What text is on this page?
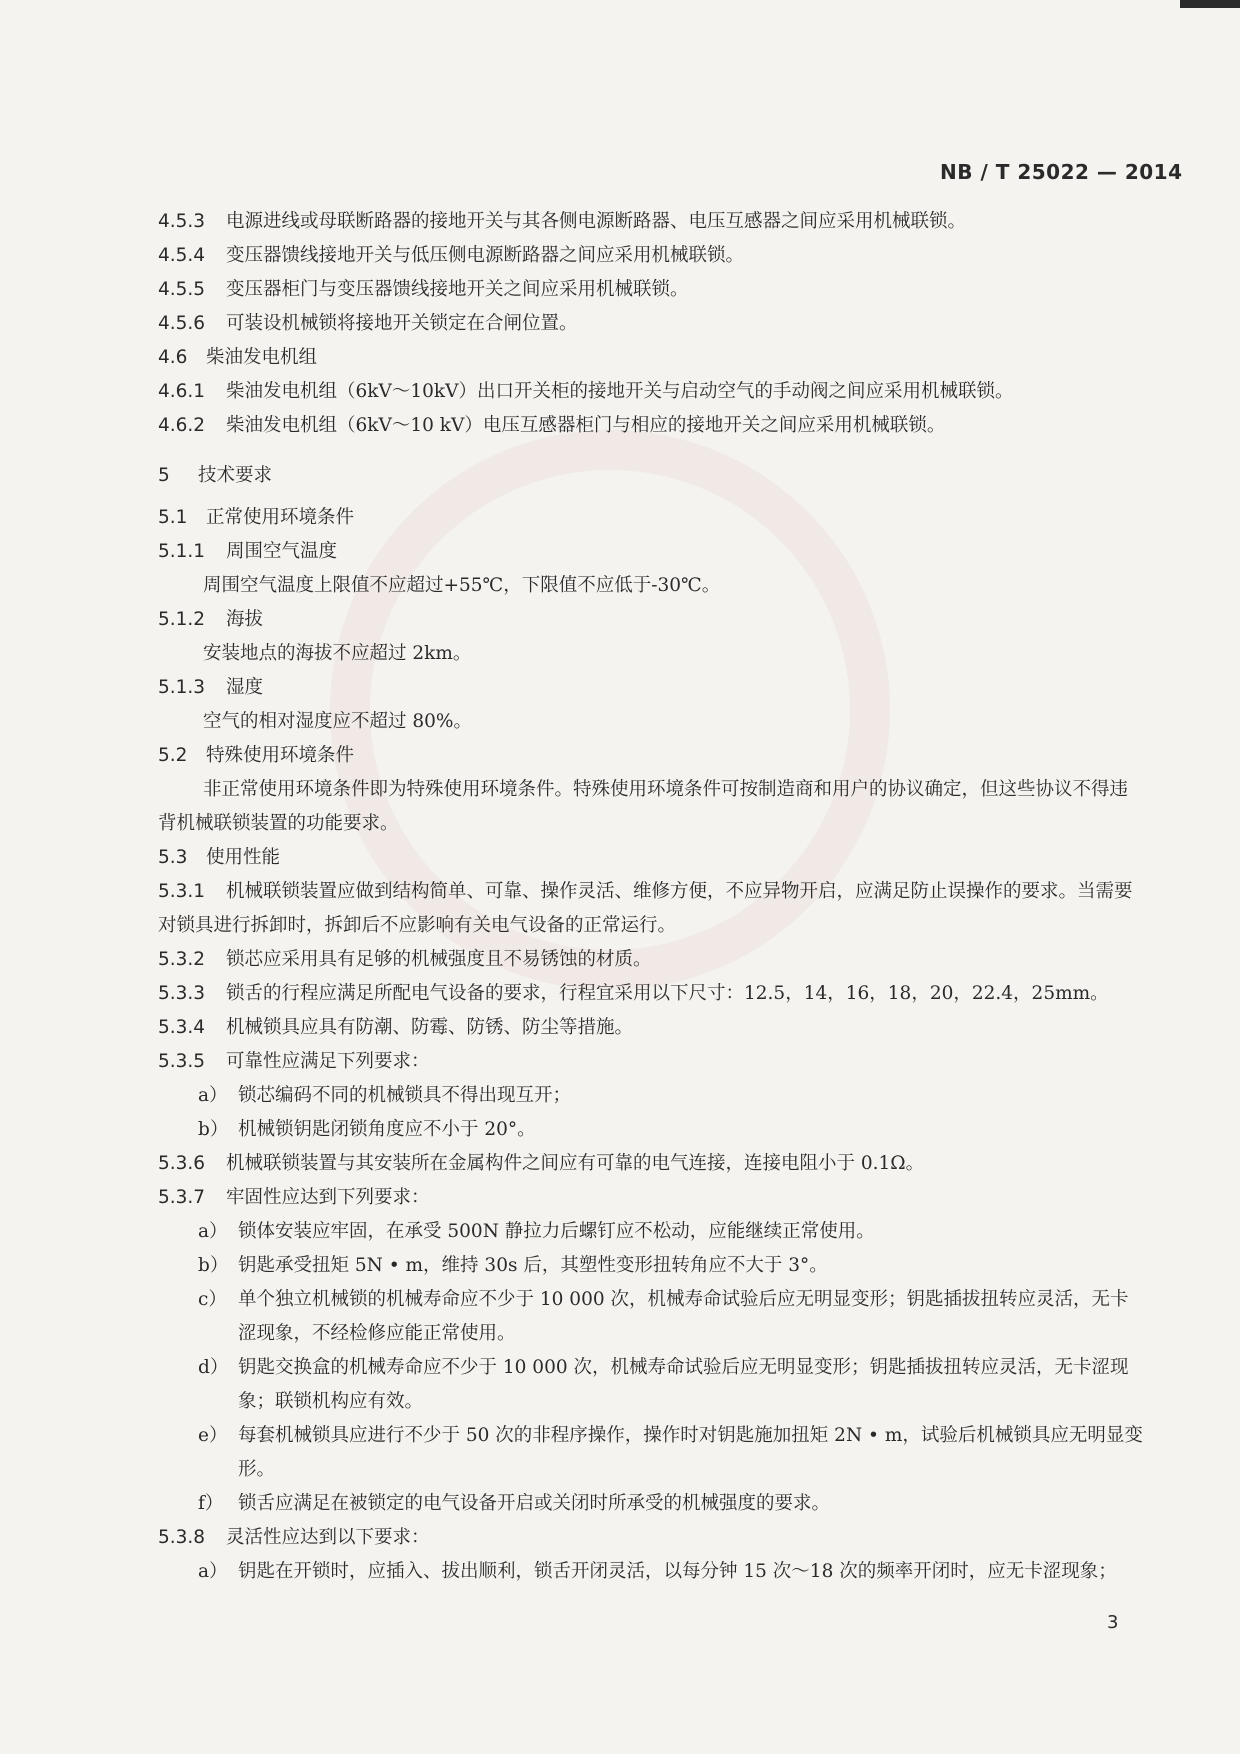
NB / T 25022 — 2014
4.5.3 电源进线或母联断路器的接地开关与其各侧电源断路器、电压互感器之间应采用机械联锁。
4.5.4 变压器馈线接地开关与低压侧电源断路器之间应采用机械联锁。
4.5.5 变压器柜门与变压器馈线接地开关之间应采用机械联锁。
4.5.6 可装设机械锁将接地开关锁定在合闸位置。
4.6 柴油发电机组
4.6.1 柴油发电机组（6kV～10kV）出口开关柜的接地开关与启动空气的手动阀之间应采用机械联锁。
4.6.2 柴油发电机组（6kV～10 kV）电压互感器柜门与相应的接地开关之间应采用机械联锁。
5 技术要求
5.1 正常使用环境条件
5.1.1 周围空气温度
周围空气温度上限值不应超过+55℃，下限值不应低于-30℃。
5.1.2 海拔
安装地点的海拔不应超过 2km。
5.1.3 湿度
空气的相对湿度应不超过 80%。
5.2 特殊使用环境条件
非正常使用环境条件即为特殊使用环境条件。特殊使用环境条件可按制造商和用户的协议确定，但这些协议不得违背机械联锁装置的功能要求。
5.3 使用性能
5.3.1 机械联锁装置应做到结构简单、可靠、操作灵活、维修方便，不应异物开启，应满足防止误操作的要求。当需要对锁具进行拆卸时，拆卸后不应影响有关电气设备的正常运行。
5.3.2 锁芯应采用具有足够的机械强度且不易锈蚀的材质。
5.3.3 锁舌的行程应满足所配电气设备的要求，行程宜采用以下尺寸：12.5，14，16，18，20，22.4，25mm。
5.3.4 机械锁具应具有防潮、防霉、防锈、防尘等措施。
5.3.5 可靠性应满足下列要求：
a） 锁芯编码不同的机械锁具不得出现互开；
b） 机械锁钥匙闭锁角度应不小于 20°。
5.3.6 机械联锁装置与其安装所在金属构件之间应有可靠的电气连接，连接电阻小于 0.1Ω。
5.3.7 牢固性应达到下列要求：
a） 锁体安装应牢固，在承受 500N 静拉力后螺钉应不松动，应能继续正常使用。
b） 钥匙承受扭矩 5N • m，维持 30s 后，其塑性变形扭转角应不大于 3°。
c） 单个独立机械锁的机械寿命应不少于 10 000 次，机械寿命试验后应无明显变形；钥匙插拔扭转应灵活，无卡涩现象，不经检修应能正常使用。
d） 钥匙交换盒的机械寿命应不少于 10 000 次，机械寿命试验后应无明显变形；钥匙插拔扭转应灵活，无卡涩现象；联锁机构应有效。
e） 每套机械锁具应进行不少于 50 次的非程序操作，操作时对钥匙施加扭矩 2N • m，试验后机械锁具应无明显变形。
f） 锁舌应满足在被锁定的电气设备开启或关闭时所承受的机械强度的要求。
5.3.8 灵活性应达到以下要求：
a） 钥匙在开锁时，应插入、拔出顺利，锁舌开闭灵活，以每分钟 15 次～18 次的频率开闭时，应无卡涩现象；
3
